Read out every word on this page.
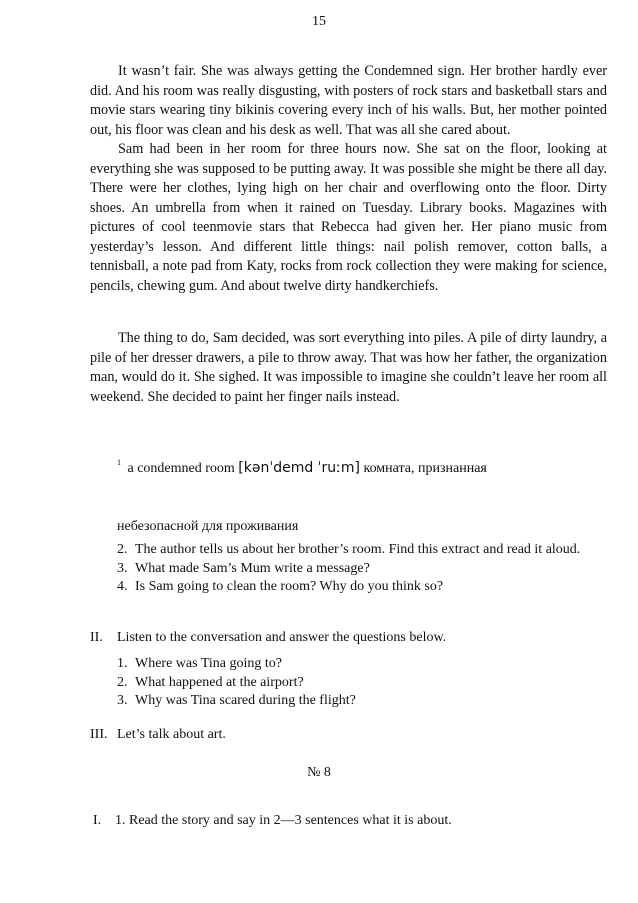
15

It wasn’t fair. She was always getting the Condemned sign. Her brother hardly ever did. And his room was really disgusting, with posters of rock stars and basketball stars and movie stars wearing tiny bikinis covering every inch of his walls. But, her mother pointed out, his floor was clean and his desk as well. That was all she cared about.

Sam had been in her room for three hours now. She sat on the floor, looking at everything she was supposed to be putting away. It was possible she might be there all day. There were her clothes, lying high on her chair and overflowing onto the floor. Dirty shoes. An umbrella from when it rained on Tuesday. Library books. Magazines with pictures of cool teenmovie stars that Rebecca had given her. Her piano music from yesterday’s lesson. And different little things: nail polish remover, cotton balls, a tennisball, a note pad from Katy, rocks from rock collection they were making for science, pencils, chewing gum. And about twelve dirty handkerchiefs.

The thing to do, Sam decided, was sort everything into piles. A pile of dirty laundry, a pile of her dresser drawers, a pile to throw away. That was how her father, the organization man, would do it. She sighed. It was impossible to imagine she couldn’t leave her room all weekend. She decided to paint her finger nails instead.

$^1$ a condemned room [kənˈdemd ˈruːm] комната, признанная
небезопасной для проживания
2. The author tells us about her brother’s room. Find this extract and read it aloud.
3. What made Sam’s Mum write a message?
4. Is Sam going to clean the room? Why do you think so?
II. Listen to the conversation and answer the questions below.
1. Where was Tina going to?
2. What happened at the airport?
3. Why was Tina scared during the flight?
III. Let’s talk about art.
№ 8
I. 1. Read the story and say in 2—3 sentences what it is about.
